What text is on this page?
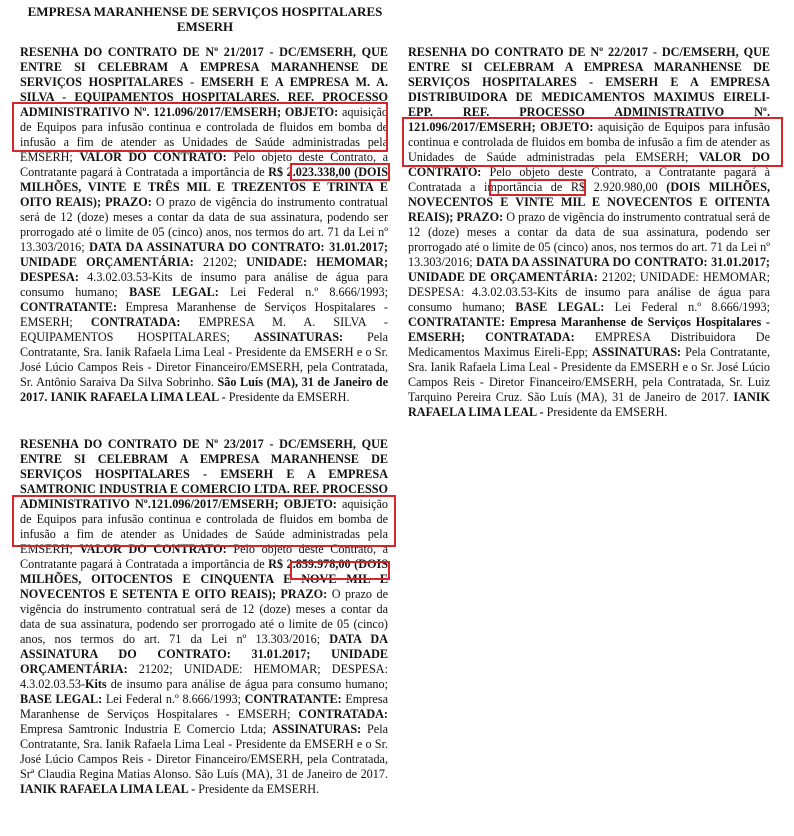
EMPRESA MARANHENSE DE SERVIÇOS HOSPITALARES
EMSERH

RESENHA DO CONTRATO DE Nº 21/2017 - DC/EMSERH, QUE ENTRE SI CELEBRAM A EMPRESA MARANHENSE DE SERVIÇOS HOSPITALARES - EMSERH E A EMPRESA M. A. SILVA - EQUIPAMENTOS HOSPITALARES. REF. PROCESSO ADMINISTRATIVO Nº. 121.096/2017/EMSERH; OBJETO: aquisição de Equipos para infusão continua e controlada de fluidos em bomba de infusão a fim de atender as Unidades de Saúde administradas pela EMSERH; VALOR DO CONTRATO: Pelo objeto deste Contrato, a Contratante pagará à Contratada a importância de R$ 2.023.338,00 (DOIS MILHÕES, VINTE E TRÊS MIL E TREZENTOS E TRINTA E OITO REAIS); PRAZO: O prazo de vigência do instrumento contratual será de 12 (doze) meses a contar da data de sua assinatura, podendo ser prorrogado até o limite de 05 (cinco) anos, nos termos do art. 71 da Lei nº 13.303/2016; DATA DA ASSINATURA DO CONTRATO: 31.01.2017; UNIDADE ORÇAMENTÁRIA: 21202; UNIDADE: HEMOMAR; DESPESA: 4.3.02.03.53-Kits de insumo para análise de água para consumo humano; BASE LEGAL: Lei Federal n.º 8.666/1993; CONTRATANTE: Empresa Maranhense de Serviços Hospitalares - EMSERH; CONTRATADA: EMPRESA M. A. SILVA - EQUIPAMENTOS HOSPITALARES; ASSINATURAS: Pela Contratante, Sra. Ianik Rafaela Lima Leal - Presidente da EMSERH e o Sr. José Lúcio Campos Reis - Diretor Financeiro/EMSERH, pela Contratada, Sr. Antônio Saraiva Da Silva Sobrinho. São Luís (MA), 31 de Janeiro de 2017. IANIK RAFAELA LIMA LEAL - Presidente da EMSERH.

RESENHA DO CONTRATO DE Nº 22/2017 - DC/EMSERH, QUE ENTRE SI CELEBRAM A EMPRESA MARANHENSE DE SERVIÇOS HOSPITALARES - EMSERH E A EMPRESA DISTRIBUIDORA DE MEDICAMENTOS MAXIMUS EIRELI-EPP. REF. PROCESSO ADMINISTRATIVO Nº. 121.096/2017/EMSERH; OBJETO: aquisição de Equipos para infusão continua e controlada de fluidos em bomba de infusão a fim de atender as Unidades de Saúde administradas pela EMSERH; VALOR DO CONTRATO: Pelo objeto deste Contrato, a Contratante pagará à Contratada a importância de R$ 2.920.980,00 (DOIS MILHÕES, NOVECENTOS E VINTE MIL E NOVECENTOS E OITENTA REAIS); PRAZO: O prazo de vigência do instrumento contratual será de 12 (doze) meses a contar da data de sua assinatura, podendo ser prorrogado até o limite de 05 (cinco) anos, nos termos do art. 71 da Lei nº 13.303/2016; DATA DA ASSINATURA DO CONTRATO: 31.01.2017; UNIDADE DE ORÇAMENTÁRIA: 21202; UNIDADE: HEMOMAR; DESPESA: 4.3.02.03.53-Kits de insumo para análise de água para consumo humano; BASE LEGAL: Lei Federal n.º 8.666/1993; CONTRATANTE: Empresa Maranhense de Serviços Hospitalares - EMSERH; CONTRATADA: EMPRESA Distribuidora De Medicamentos Maximus Eireli-Epp; ASSINATURAS: Pela Contratante, Sra. Ianik Rafaela Lima Leal - Presidente da EMSERH e o Sr. José Lúcio Campos Reis - Diretor Financeiro/EMSERH, pela Contratada, Sr. Luiz Tarquino Pereira Cruz. São Luís (MA), 31 de Janeiro de 2017. IANIK RAFAELA LIMA LEAL - Presidente da EMSERH.

RESENHA DO CONTRATO DE Nº 23/2017 - DC/EMSERH, QUE ENTRE SI CELEBRAM A EMPRESA MARANHENSE DE SERVIÇOS HOSPITALARES - EMSERH E A EMPRESA SAMTRONIC INDUSTRIA E COMERCIO LTDA. REF. PROCESSO ADMINISTRATIVO Nº.121.096/2017/EMSERH; OBJETO: aquisição de Equipos para infusão continua e controlada de fluidos em bomba de infusão a fim de atender as Unidades de Saúde administradas pela EMSERH; VALOR DO CONTRATO: Pelo objeto deste Contrato, a Contratante pagará à Contratada a importância de R$ 2.859.978,00 (DOIS MILHÕES, OITOCENTOS E CINQUENTA E NOVE MIL E NOVECENTOS E SETENTA E OITO REAIS); PRAZO: O prazo de vigência do instrumento contratual será de 12 (doze) meses a contar da data de sua assinatura, podendo ser prorrogado até o limite de 05 (cinco) anos, nos termos do art. 71 da Lei nº 13.303/2016; DATA DA ASSINATURA DO CONTRATO: 31.01.2017; UNIDADE ORÇAMENTÁRIA: 21202; UNIDADE: HEMOMAR; DESPESA: 4.3.02.03.53-Kits de insumo para análise de água para consumo humano; BASE LEGAL: Lei Federal n.º 8.666/1993; CONTRATANTE: Empresa Maranhense de Serviços Hospitalares - EMSERH; CONTRATADA: Empresa Samtronic Industria E Comercio Ltda; ASSINATURAS: Pela Contratante, Sra. Ianik Rafaela Lima Leal - Presidente da EMSERH e o Sr. José Lúcio Campos Reis - Diretor Financeiro/EMSERH, pela Contratada, Srª Claudia Regina Matias Alonso. São Luís (MA), 31 de Janeiro de 2017. IANIK RAFAELA LIMA LEAL - Presidente da EMSERH.
